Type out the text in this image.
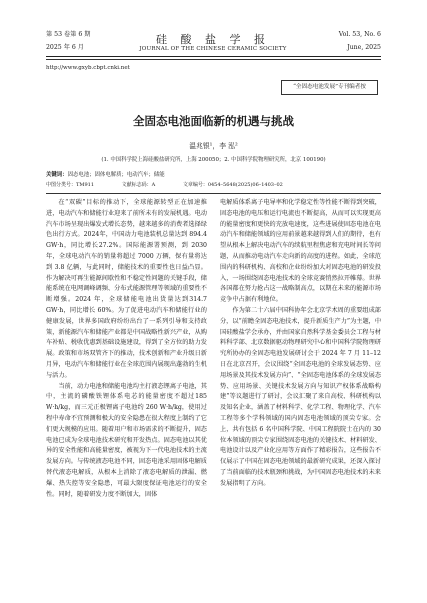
第 53 卷第 6 期
2025 年 6 月
硅 酸 盐 学 报
JOURNAL OF THE CHINESE CERAMIC SOCIETY
Vol. 53, No. 6
June, 2025
http://www.gxyb.cbpt.cnki.net
“全固态电池发展”专刊编者按
全固态电池面临新的机遇与挑战
温兆银¹，李 泓²
(1. 中国科学院上海硅酸盐研究所，上海 200050；2. 中国科学院物理研究所，北京 100190)
关键词：固态电池；固体电解质；电动汽车；储能
中图分类号：TM911	文献标志码：A	文章编号：0454–5648(2025)06–1403–02

在“双碳”目标的推动下，全球能源转型正在加速推进，电动汽车和储能行业迎来了前所未有的发展机遇。电动汽车市场呈现出爆发式增长态势，越来越多的消费者选择绿色出行方式。2024年，中国动力电池装机总量达到 894.4 GW·h，同比增长27.2%。国际能源署预测，到 2030 年，全球电动汽车的销量将超过 7000 万辆，保有量将达到 3.8 亿辆，与此同时，储能技术的重要性也日益凸显。作为解决可再生能源间歇性和不稳定性问题的关键手段，储能系统在电网调峰调频、分布式能源管理等领域的重要性不断增强。2024 年，全球储能电池出货量达到314.7 GW·h，同比增长 60%。为了促进电动汽车和储能行业的健康发展，世界多国政府纷纷出台了一系列引导和支持政策，新能源汽车和储能产业都是中国战略性新兴产业，从购车补贴、税收优惠到基础设施建设，得到了全方位的助力发展。政策和市场双管齐下的推动，技术创新和产业升级日新月异，电动汽车和储能行业在全球范围内展现出蓬勃的生机与活力。

当前，动力电池和储能电池均主打液态锂离子电池，其中，主流的磷酸铁锂体系电芯的能量密度不超过185 W·h/kg，而三元正极锂离子电池约 260 W·h/kg，使用过程中寿命不宜预测和极大的安全隐患在很大程度上制约了它们更大规模的应用。随着用户和市场需求的不断提升，固态电池已成为全球电池技术研究和开发热点。固态电池以其优异的安全性能和高能量密度，被视为下一代电池技术的主流发展方向。与传统液态电池不同，固态电池采用固体电解质替代液态电解质，从根本上消除了液态电解质的泄漏、燃爆、热失控等安全隐患，可最大限度保证电池运行的安全性。同时，随着研发力度不断加大，固体

电解质体系离子电导率和化学稳定性等性能不断得到突破，固态电池的电压和运行电流也不断提高，从而可以实现更高的能量密度和更快的充放电速度，这些进展使固态电池在电动汽车和储能领域的应用前景越来越得到人们的期待，也有望从根本上解决电动汽车的续航里程焦虑和充电时间长等问题，从而推动电动汽车走向新的高度的进程。如此，全球范围内的科研机构、高校和企业纷纷加大对固态电池的研发投入，一场围绕固态电池技术的全球竞赛悄然拉开帷幕。世界各国都在努力抢占这一战略制高点，以期在未来的能源市场竞争中占据有利地位。

作为第二十六届中国科协年会北京学术周的重要组成部分，以“前瞻全固态电池技术，提升新质生产力”为主题，中国硅酸盐学会承办，并由国家自然科学基金委员会工程与材料科学部、北京数据驱动物理研究中心和中国科学院物理研究所协办的全固态电池发展研讨会于 2024 年 7 月 11–12 日在北京召开，会议围绕“全固态电池的全球发展态势、应用场景及其技术发展方向”、“全固态电池体系的全球发展态势、应用场景、关键技术发展方向与知识产权体系战略构建”等议题进行了研讨，会议汇聚了来自高校、科研机构以及知名企业，涵盖了材料科学、化学工程、物理化学、汽车工程等多个学科领域的国内固态电池领域的顶尖专家。会上，共有包括 6 名中国科学院、中国工程院院士在内的 30 位本领域的顶尖专家围绕固态电池的关键技术、材料研发、电池设计以及产业化应用等方面作了精彩报告，这些报告不仅展示了中国在固态电池领域的最新研究成果，还深入探讨了当前面临的技术瓶颈和挑战，为中国固态电池技术的未来发展指明了方向。
